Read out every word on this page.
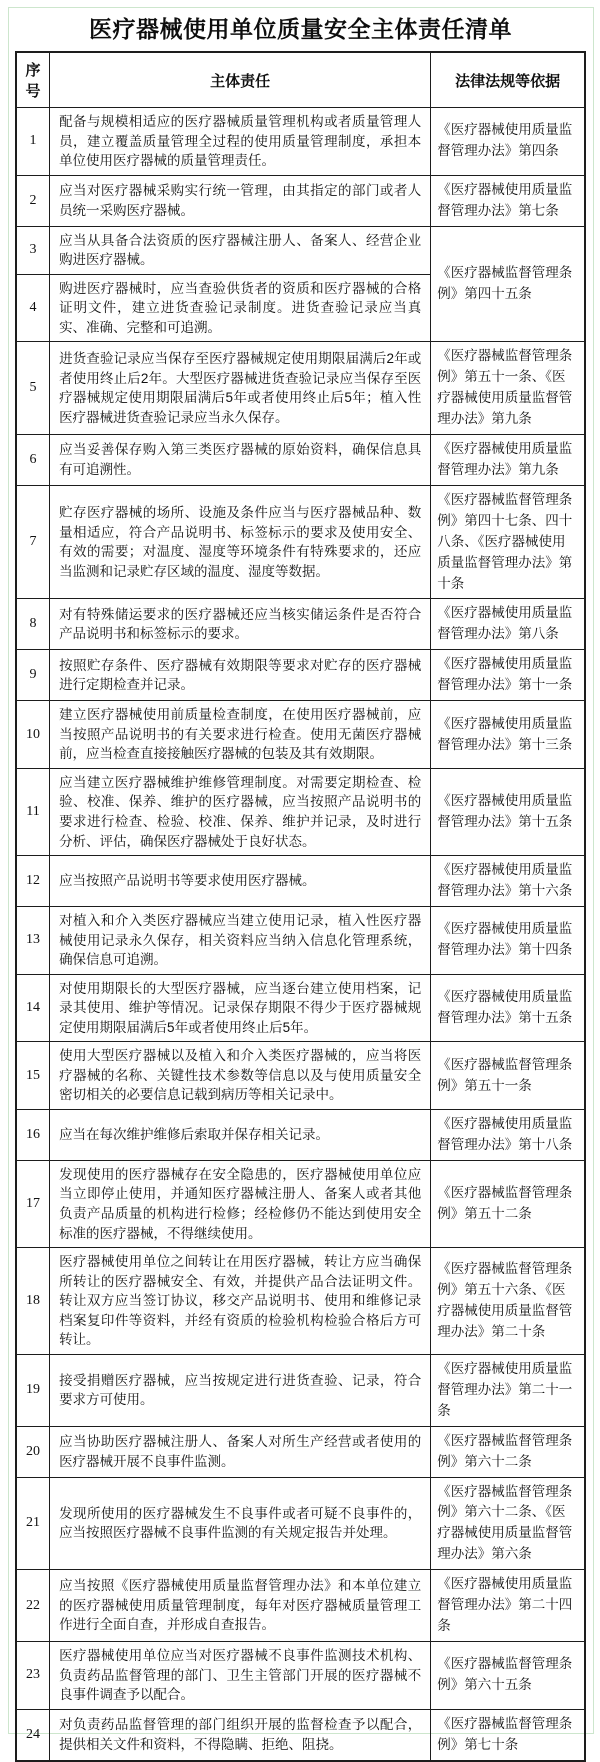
医疗器械使用单位质量安全主体责任清单
序号	主体责任	法律法规等依据
1	配备与规模相适应的医疗器械质量管理机构或者质量管理人员，建立覆盖质量管理全过程的使用质量管理制度，承担本单位使用医疗器械的质量管理责任。	《医疗器械使用质量监督管理办法》第四条
2	应当对医疗器械采购实行统一管理，由其指定的部门或者人员统一采购医疗器械。	《医疗器械使用质量监督管理办法》第七条
3	应当从具备合法资质的医疗器械注册人、备案人、经营企业购进医疗器械。	《医疗器械监督管理条例》第四十五条
4	购进医疗器械时，应当查验供货者的资质和医疗器械的合格证明文件，建立进货查验记录制度。进货查验记录应当真实、准确、完整和可追溯。	
5	进货查验记录应当保存至医疗器械规定使用期限届满后2年或者使用终止后2年。大型医疗器械进货查验记录应当保存至医疗器械规定使用期限届满后5年或者使用终止后5年；植入性医疗器械进货查验记录应当永久保存。	《医疗器械监督管理条例》第五十一条、《医疗器械使用质量监督管理办法》第九条
6	应当妥善保存购入第三类医疗器械的原始资料，确保信息具有可追溯性。	《医疗器械使用质量监督管理办法》第九条
7	贮存医疗器械的场所、设施及条件应当与医疗器械品种、数量相适应，符合产品说明书、标签标示的要求及使用安全、有效的需要；对温度、湿度等环境条件有特殊要求的，还应当监测和记录贮存区域的温度、湿度等数据。	《医疗器械监督管理条例》第四十七条、四十八条、《医疗器械使用质量监督管理办法》第十条
8	对有特殊储运要求的医疗器械还应当核实储运条件是否符合产品说明书和标签标示的要求。	《医疗器械使用质量监督管理办法》第八条
9	按照贮存条件、医疗器械有效期限等要求对贮存的医疗器械进行定期检查并记录。	《医疗器械使用质量监督管理办法》第十一条
10	建立医疗器械使用前质量检查制度，在使用医疗器械前，应当按照产品说明书的有关要求进行检查。使用无菌医疗器械前，应当检查直接接触医疗器械的包装及其有效期限。	《医疗器械使用质量监督管理办法》第十三条
11	应当建立医疗器械维护维修管理制度。对需要定期检查、检验、校准、保养、维护的医疗器械，应当按照产品说明书的要求进行检查、检验、校准、保养、维护并记录，及时进行分析、评估，确保医疗器械处于良好状态。	《医疗器械使用质量监督管理办法》第十五条
12	应当按照产品说明书等要求使用医疗器械。	《医疗器械使用质量监督管理办法》第十六条
13	对植入和介入类医疗器械应当建立使用记录，植入性医疗器械使用记录永久保存，相关资料应当纳入信息化管理系统，确保信息可追溯。	《医疗器械使用质量监督管理办法》第十四条
14	对使用期限长的大型医疗器械，应当逐台建立使用档案，记录其使用、维护等情况。记录保存期限不得少于医疗器械规定使用期限届满后5年或者使用终止后5年。	《医疗器械使用质量监督管理办法》第十五条
15	使用大型医疗器械以及植入和介入类医疗器械的，应当将医疗器械的名称、关键性技术参数等信息以及与使用质量安全密切相关的必要信息记载到病历等相关记录中。	《医疗器械监督管理条例》第五十一条
16	应当在每次维护维修后索取并保存相关记录。	《医疗器械使用质量监督管理办法》第十八条
17	发现使用的医疗器械存在安全隐患的，医疗器械使用单位应当立即停止使用，并通知医疗器械注册人、备案人或者其他负责产品质量的机构进行检修；经检修仍不能达到使用安全标准的医疗器械，不得继续使用。	《医疗器械监督管理条例》第五十二条
18	医疗器械使用单位之间转让在用医疗器械，转让方应当确保所转让的医疗器械安全、有效，并提供产品合法证明文件。转让双方应当签订协议，移交产品说明书、使用和维修记录档案复印件等资料，并经有资质的检验机构检验合格后方可转让。	《医疗器械监督管理条例》第五十六条、《医疗器械使用质量监督管理办法》第二十条
19	接受捐赠医疗器械，应当按规定进行进货查验、记录，符合要求方可使用。	《医疗器械使用质量监督管理办法》第二十一条
20	应当协助医疗器械注册人、备案人对所生产经营或者使用的医疗器械开展不良事件监测。	《医疗器械监督管理条例》第六十二条
21	发现所使用的医疗器械发生不良事件或者可疑不良事件的，应当按照医疗器械不良事件监测的有关规定报告并处理。	《医疗器械监督管理条例》第六十二条、《医疗器械使用质量监督管理办法》第六条
22	应当按照《医疗器械使用质量监督管理办法》和本单位建立的医疗器械使用质量管理制度，每年对医疗器械质量管理工作进行全面自查，并形成自查报告。	《医疗器械使用质量监督管理办法》第二十四条
23	医疗器械使用单位应当对医疗器械不良事件监测技术机构、负责药品监督管理的部门、卫生主管部门开展的医疗器械不良事件调查予以配合。	《医疗器械监督管理条例》第六十五条
24	对负责药品监督管理的部门组织开展的监督检查予以配合，提供相关文件和资料，不得隐瞒、拒绝、阻挠。	《医疗器械监督管理条例》第七十条
